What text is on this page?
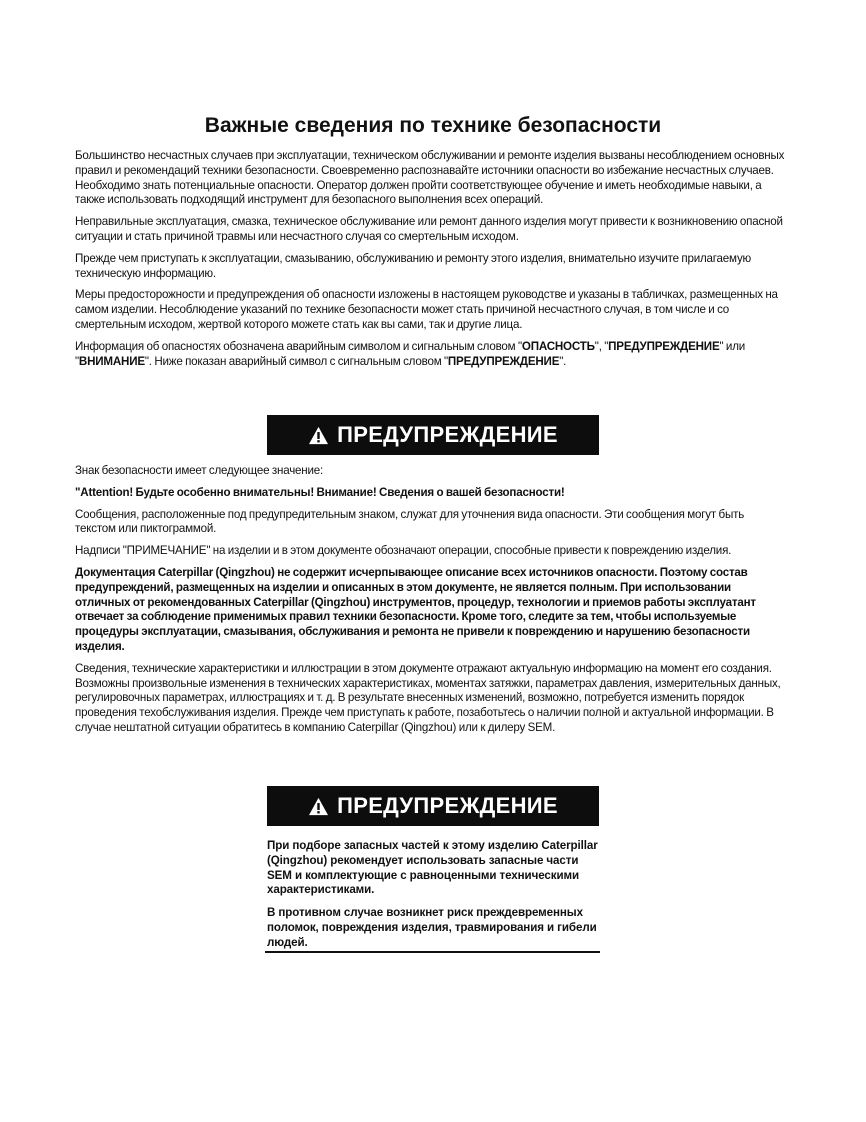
Важные сведения по технике безопасности

Большинство несчастных случаев при эксплуатации, техническом обслуживании и ремонте изделия вызваны несоблюдением основных правил и рекомендаций техники безопасности. Своевременно распознавайте источники опасности во избежание несчастных случаев. Необходимо знать потенциальные опасности. Оператор должен пройти соответствующее обучение и иметь необходимые навыки, а также использовать подходящий инструмент для безопасного выполнения всех операций.

Неправильные эксплуатация, смазка, техническое обслуживание или ремонт данного изделия могут привести к возникновению опасной ситуации и стать причиной травмы или несчастного случая со смертельным исходом.

Прежде чем приступать к эксплуатации, смазыванию, обслуживанию и ремонту этого изделия, внимательно изучите прилагаемую техническую информацию.

Меры предосторожности и предупреждения об опасности изложены в настоящем руководстве и указаны в табличках, размещенных на самом изделии. Несоблюдение указаний по технике безопасности может стать причиной несчастного случая, в том числе и со смертельным исходом, жертвой которого можете стать как вы сами, так и другие лица.

Информация об опасностях обозначена аварийным символом и сигнальным словом "ОПАСНОСТЬ", "ПРЕДУПРЕЖДЕНИЕ" или "ВНИМАНИЕ". Ниже показан аварийный символ с сигнальным словом "ПРЕДУПРЕЖДЕНИЕ".

ПРЕДУПРЕЖДЕНИЕ

Знак безопасности имеет следующее значение:

"Attention! Будьте особенно внимательны! Внимание! Сведения о вашей безопасности!

Сообщения, расположенные под предупредительным знаком, служат для уточнения вида опасности. Эти сообщения могут быть текстом или пиктограммой.

Надписи "ПРИМЕЧАНИЕ" на изделии и в этом документе обозначают операции, способные привести к повреждению изделия.

Документация Caterpillar (Qingzhou) не содержит исчерпывающее описание всех источников опасности. Поэтому состав предупреждений, размещенных на изделии и описанных в этом документе, не является полным. При использовании отличных от рекомендованных Caterpillar (Qingzhou) инструментов, процедур, технологии и приемов работы эксплуатант отвечает за соблюдение применимых правил техники безопасности. Кроме того, следите за тем, чтобы используемые процедуры эксплуатации, смазывания, обслуживания и ремонта не привели к повреждению и нарушению безопасности изделия.

Сведения, технические характеристики и иллюстрации в этом документе отражают актуальную информацию на момент его создания. Возможны произвольные изменения в технических характеристиках, моментах затяжки, параметрах давления, измерительных данных, регулировочных параметрах, иллюстрациях и т. д. В результате внесенных изменений, возможно, потребуется изменить порядок проведения техобслуживания изделия. Прежде чем приступать к работе, позаботьтесь о наличии полной и актуальной информации. В случае нештатной ситуации обратитесь в компанию Caterpillar (Qingzhou) или к дилеру SEM.

ПРЕДУПРЕЖДЕНИЕ

При подборе запасных частей к этому изделию Caterpillar (Qingzhou) рекомендует использовать запасные части SEM и комплектующие с равноценными техническими характеристиками.

В противном случае возникнет риск преждевременных поломок, повреждения изделия, травмирования и гибели людей.
